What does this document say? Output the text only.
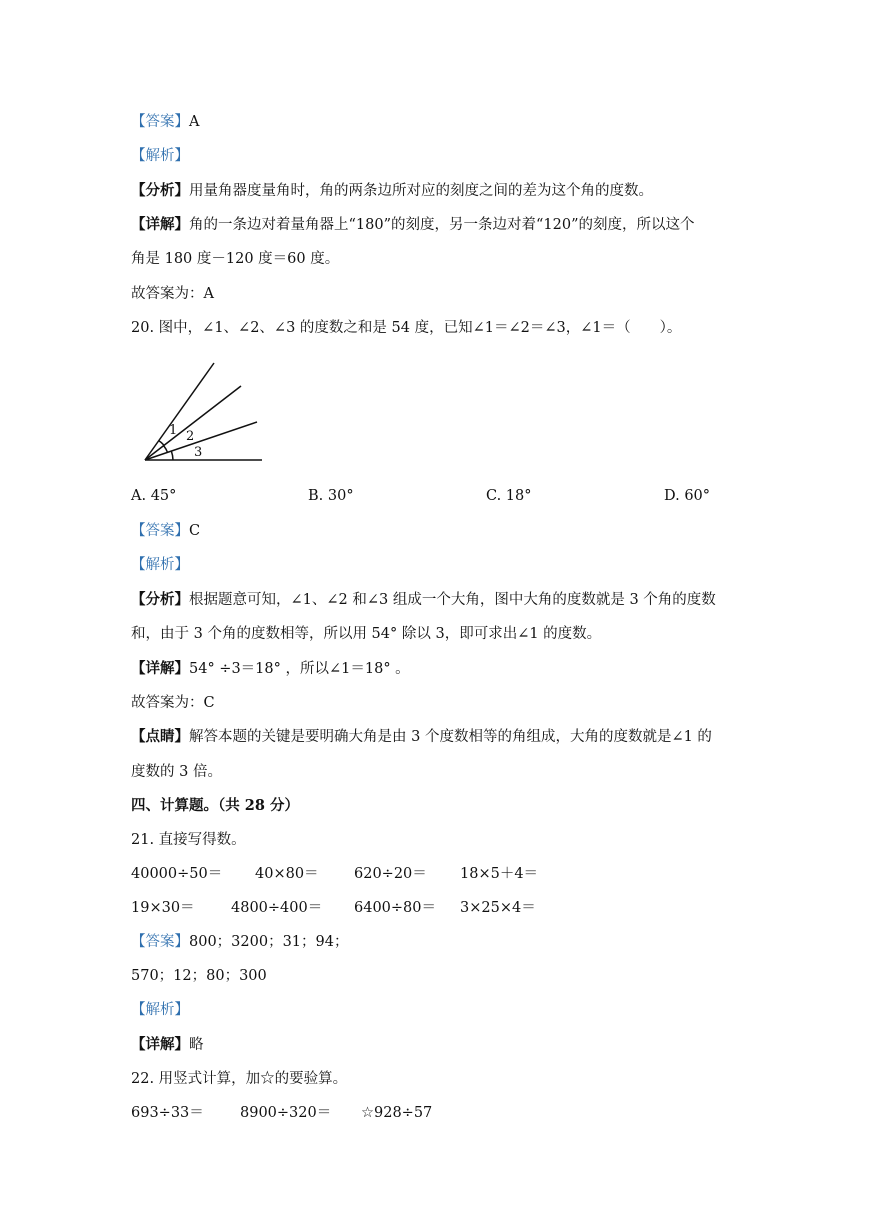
【答案】A
【解析】
【分析】用量角器度量角时，角的两条边所对应的刻度之间的差为这个角的度数。
【详解】角的一条边对着量角器上“180”的刻度，另一条边对着“120”的刻度，所以这个
角是 180 度－120 度＝60 度。
故答案为：A
20. 图中，∠1、∠2、∠3 的度数之和是 54 度，已知∠1＝∠2＝∠3，∠1＝（　　）。
1 2
3
A. 45°	B. 30°	C. 18°	D. 60°
【答案】C
【解析】
【分析】根据题意可知，∠1、∠2 和∠3 组成一个大角，图中大角的度数就是 3 个角的度数
和，由于 3 个角的度数相等，所以用 54° 除以 3，即可求出∠1 的度数。
【详解】54° ÷3＝18° ，所以∠1＝18° 。
故答案为：C
【点睛】解答本题的关键是要明确大角是由 3 个度数相等的角组成，大角的度数就是∠1 的
度数的 3 倍。
四、计算题。（共 28 分）
21. 直接写得数。
40000÷50＝ 40×80＝ 620÷20＝ 18×5＋4＝
19×30＝	4800÷400＝ 6400÷80＝ 3×25×4＝
【答案】800；3200；31；94；
570；12；80；300
【解析】
【详解】略
22. 用竖式计算，加☆的要验算。
693÷33＝ 8900÷320＝ ☆928÷57
